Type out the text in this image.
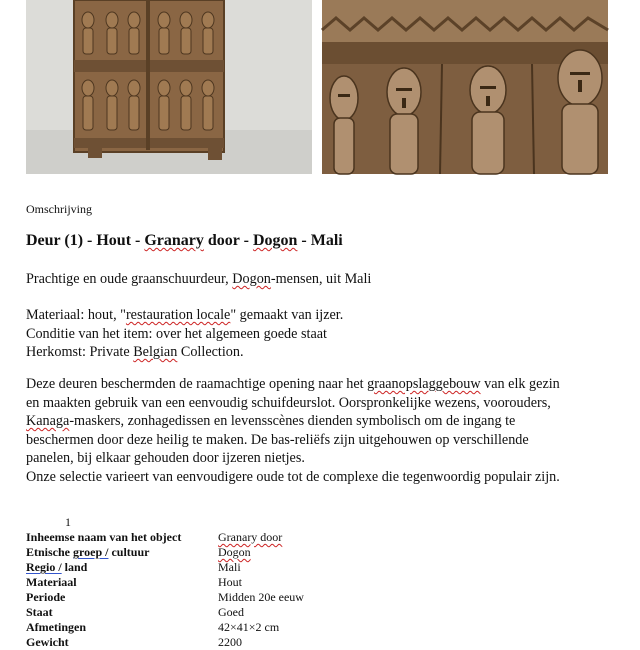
Omschrijving
Deur (1) - Hout - Granary door - Dogon - Mali
Prachtige en oude graanschuurdeur, Dogon-mensen, uit Mali
Materiaal: hout, "restauration locale" gemaakt van ijzer.
Conditie van het item: over het algemeen goede staat
Herkomst: Private Belgian Collection.
Deze deuren beschermden de raamachtige opening naar het graanopslaggebouw van elk gezin
en maakten gebruik van een eenvoudig schuifdeurslot. Oorspronkelijke wezens, voorouders,
Kanaga-maskers, zonhagedissen en levensscènes dienden symbolisch om de ingang te
beschermen door deze heilig te maken. De bas-reliëfs zijn uitgehouwen op verschillende
panelen, bij elkaar gehouden door ijzeren nietjes.
Onze selectie varieert van eenvoudigere oude tot de complexe die tegenwoordig populair zijn.
1
Inheemse naam van het object	Granary door
Etnische groep / cultuur	Dogon
Regio / land	Mali
Materiaal	Hout
Periode	Midden 20e eeuw
Staat	Goed
Afmetingen	42×41×2 cm
Gewicht	2200
